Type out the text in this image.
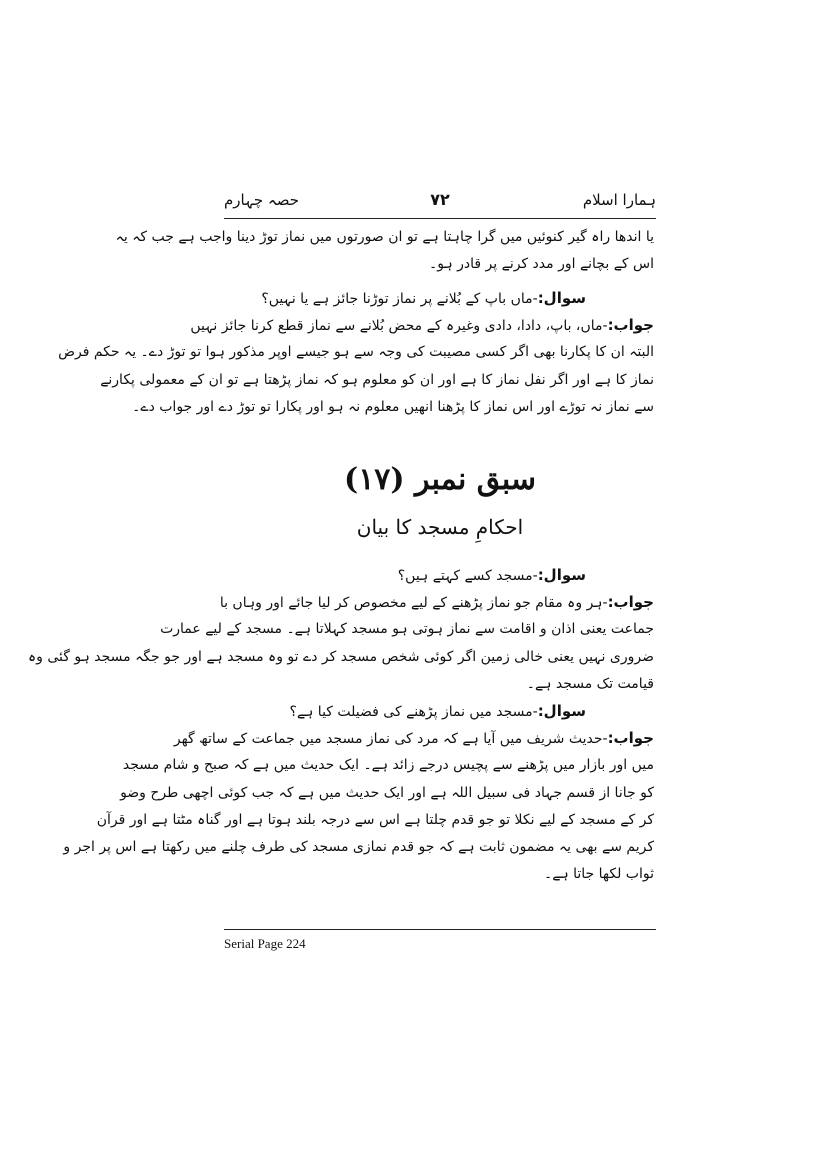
ہمارا اسلام
۷۲
حصہ چہارم
یا اندھا راہ گیر کنوئیں میں گرا چاہتا ہے تو ان صورتوں میں نماز توڑ دینا واجب ہے جب کہ یہ
اس کے بچانے اور مدد کرنے پر قادر ہو۔
سوال:-ماں باپ کے بُلانے پر نماز توڑنا جائز ہے یا نہیں؟
جواب:-ماں، باپ، دادا، دادی وغیرہ کے محض بُلانے سے نماز قطع کرنا جائز نہیں
البتہ ان کا پکارنا بھی اگر کسی مصیبت کی وجہ سے ہو جیسے اوپر مذکور ہوا تو توڑ دے۔ یہ حکم فرض
نماز کا ہے اور اگر نفل نماز کا ہے اور ان کو معلوم ہو کہ نماز پڑھتا ہے تو ان کے معمولی پکارنے
سے نماز نہ توڑے اور اس نماز کا پڑھنا انھیں معلوم نہ ہو اور پکارا تو توڑ دے اور جواب دے۔
سبق نمبر (۱۷)
احکامِ مسجد کا بیان
سوال:-مسجد کسے کہتے ہیں؟
جواب:-ہر وہ مقام جو نماز پڑھنے کے لیے مخصوص کر لیا جائے اور وہاں با
جماعت یعنی اذان و اقامت سے نماز ہوتی ہو مسجد کہلاتا ہے۔ مسجد کے لیے عمارت
ضروری نہیں یعنی خالی زمین اگر کوئی شخص مسجد کر دے تو وہ مسجد ہے اور جو جگہ مسجد ہو گئی وہ
قیامت تک مسجد ہے۔
سوال:-مسجد میں نماز پڑھنے کی فضیلت کیا ہے؟
جواب:-حدیث شریف میں آیا ہے کہ مرد کی نماز مسجد میں جماعت کے ساتھ گھر
میں اور بازار میں پڑھنے سے پچیس درجے زائد ہے۔ ایک حدیث میں ہے کہ صبح و شام مسجد
کو جانا از قسم جہاد فی سبیل اللہ ہے اور ایک حدیث میں ہے کہ جب کوئی اچھی طرح وضو
کر کے مسجد کے لیے نکلا تو جو قدم چلتا ہے اس سے درجہ بلند ہوتا ہے اور گناہ مٹتا ہے اور قرآن
کریم سے بھی یہ مضمون ثابت ہے کہ جو قدم نمازی مسجد کی طرف چلنے میں رکھتا ہے اس پر اجر و
ثواب لکھا جاتا ہے۔
Serial Page 224
